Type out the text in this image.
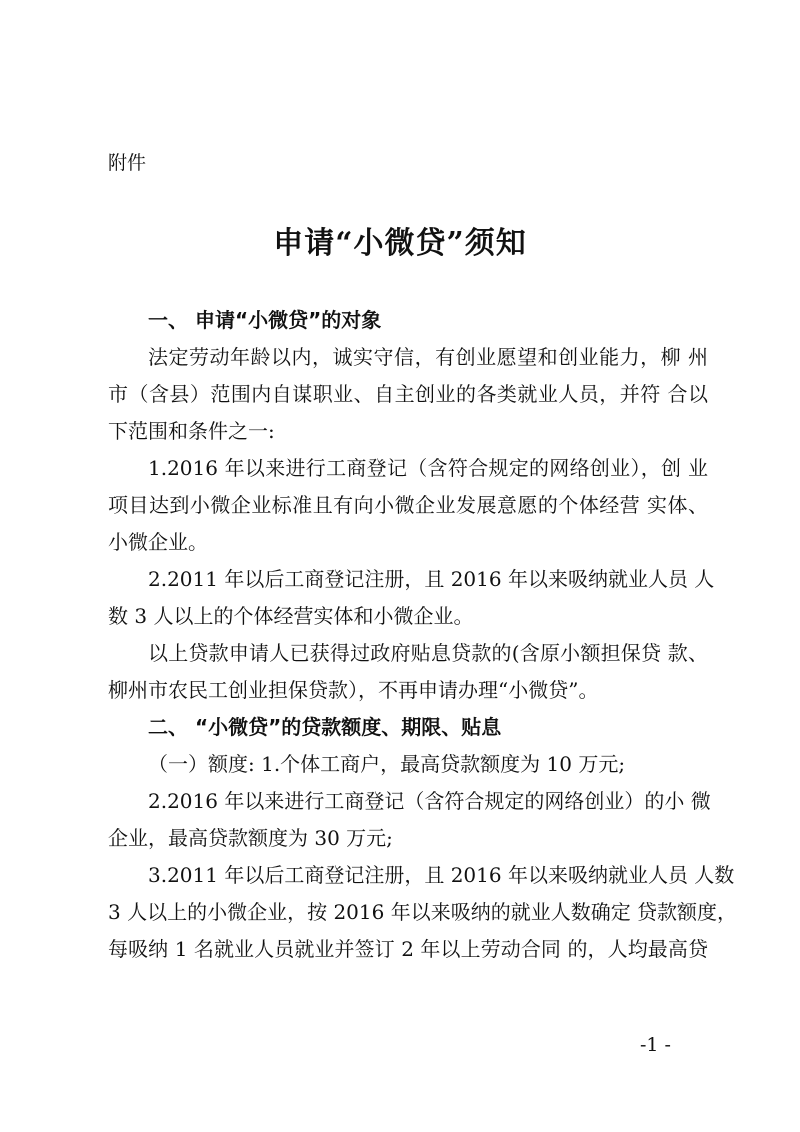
附件

申请“小微贷”须知

一、 申请“小微贷”的对象

法定劳动年龄以内，诚实守信，有创业愿望和创业能力，柳 州

市（含县）范围内自谋职业、自主创业的各类就业人员，并符 合以

下范围和条件之一:

1.2016 年以来进行工商登记（含符合规定的网络创业），创 业

项目达到小微企业标准且有向小微企业发展意愿的个体经营 实体、

小微企业。

2.2011 年以后工商登记注册，且 2016 年以来吸纳就业人员 人

数 3 人以上的个体经营实体和小微企业。

以上贷款申请人已获得过政府贴息贷款的(含原小额担保贷 款、

柳州市农民工创业担保贷款），不再申请办理“小微贷”。

二、 “小微贷”的贷款额度、期限、贴息

（一）额度: 1.个体工商户，最高贷款额度为 10 万元;

2.2016 年以来进行工商登记（含符合规定的网络创业）的小 微

企业，最高贷款额度为 30 万元;

3.2011 年以后工商登记注册，且 2016 年以来吸纳就业人员 人数

3 人以上的小微企业，按 2016 年以来吸纳的就业人数确定 贷款额度，

每吸纳 1 名就业人员就业并签订 2 年以上劳动合同 的，人均最高贷

-1 -
